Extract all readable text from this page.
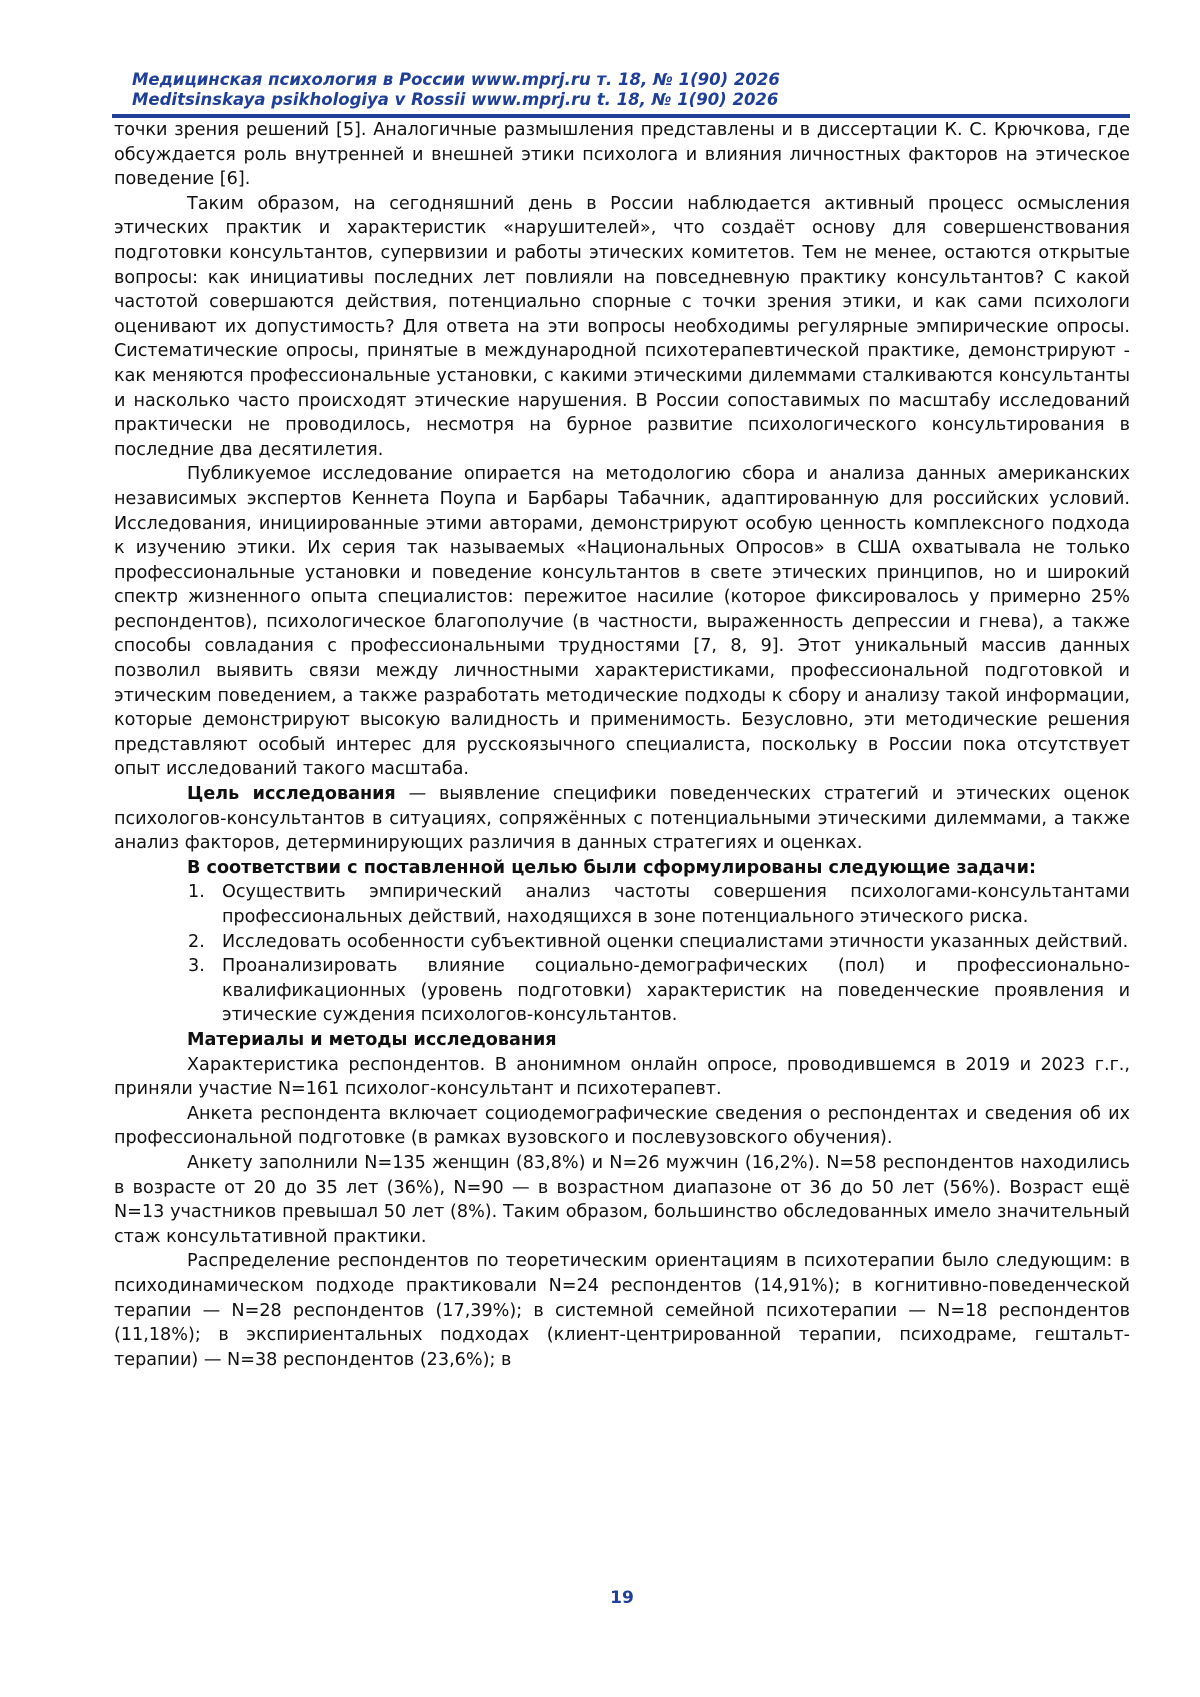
Медицинская психология в России www.mprj.ru т. 18, № 1(90) 2026
Meditsinskaya psikhologiya v Rossii www.mprj.ru t. 18, № 1(90) 2026

точки зрения решений [5]. Аналогичные размышления представлены и в диссертации К. С. Крючкова, где обсуждается роль внутренней и внешней этики психолога и влияния личностных факторов на этическое поведение [6].

Таким образом, на сегодняшний день в России наблюдается активный процесс осмысления этических практик и характеристик «нарушителей», что создаёт основу для совершенствования подготовки консультантов, супервизии и работы этических комитетов. Тем не менее, остаются открытые вопросы: как инициативы последних лет повлияли на повседневную практику консультантов? С какой частотой совершаются действия, потенциально спорные с точки зрения этики, и как сами психологи оценивают их допустимость? Для ответа на эти вопросы необходимы регулярные эмпирические опросы. Систематические опросы, принятые в международной психотерапевтической практике, демонстрируют - как меняются профессиональные установки, с какими этическими дилеммами сталкиваются консультанты и насколько часто происходят этические нарушения. В России сопоставимых по масштабу исследований практически не проводилось, несмотря на бурное развитие психологического консультирования в последние два десятилетия.

Публикуемое исследование опирается на методологию сбора и анализа данных американских независимых экспертов Кеннета Поупа и Барбары Табачник, адаптированную для российских условий. Исследования, инициированные этими авторами, демонстрируют особую ценность комплексного подхода к изучению этики. Их серия так называемых «Национальных Опросов» в США охватывала не только профессиональные установки и поведение консультантов в свете этических принципов, но и широкий спектр жизненного опыта специалистов: пережитое насилие (которое фиксировалось у примерно 25% респондентов), психологическое благополучие (в частности, выраженность депрессии и гнева), а также способы совладания с профессиональными трудностями [7, 8, 9]. Этот уникальный массив данных позволил выявить связи между личностными характеристиками, профессиональной подготовкой и этическим поведением, а также разработать методические подходы к сбору и анализу такой информации, которые демонстрируют высокую валидность и применимость. Безусловно, эти методические решения представляют особый интерес для русскоязычного специалиста, поскольку в России пока отсутствует опыт исследований такого масштаба.

Цель исследования — выявление специфики поведенческих стратегий и этических оценок психологов-консультантов в ситуациях, сопряжённых с потенциальными этическими дилеммами, а также анализ факторов, детерминирующих различия в данных стратегиях и оценках.

В соответствии с поставленной целью были сформулированы следующие задачи:

1. Осуществить эмпирический анализ частоты совершения психологами-консультантами профессиональных действий, находящихся в зоне потенциального этического риска.
2. Исследовать особенности субъективной оценки специалистами этичности указанных действий.
3. Проанализировать влияние социально-демографических (пол) и профессионально-квалификационных (уровень подготовки) характеристик на поведенческие проявления и этические суждения психологов-консультантов.

Материалы и методы исследования

Характеристика респондентов. В анонимном онлайн опросе, проводившемся в 2019 и 2023 г.г., приняли участие N=161 психолог-консультант и психотерапевт.

Анкета респондента включает социодемографические сведения о респондентах и сведения об их профессиональной подготовке (в рамках вузовского и послевузовского обучения).

Анкету заполнили N=135 женщин (83,8%) и N=26 мужчин (16,2%). N=58 респондентов находились в возрасте от 20 до 35 лет (36%), N=90 — в возрастном диапазоне от 36 до 50 лет (56%). Возраст ещё N=13 участников превышал 50 лет (8%). Таким образом, большинство обследованных имело значительный стаж консультативной практики.

Распределение респондентов по теоретическим ориентациям в психотерапии было следующим: в психодинамическом подходе практиковали N=24 респондентов (14,91%); в когнитивно-поведенческой терапии — N=28 респондентов (17,39%); в системной семейной психотерапии — N=18 респондентов (11,18%); в экспириентальных подходах (клиент-центрированной терапии, психодраме, гештальт-терапии) — N=38 респондентов (23,6%); в

19
